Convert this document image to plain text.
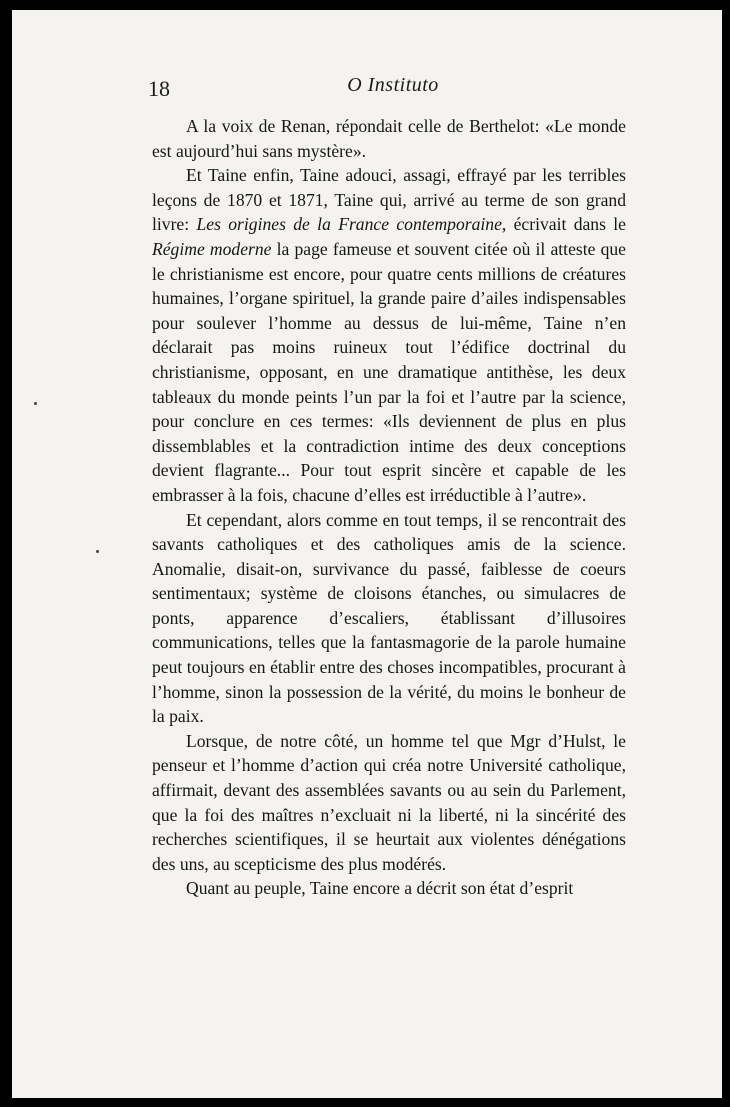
18	O Instituto

A la voix de Renan, répondait celle de Berthelot: «Le monde est aujourd’hui sans mystère».

Et Taine enfin, Taine adouci, assagi, effrayé par les terribles leçons de 1870 et 1871, Taine qui, arrivé au terme de son grand livre: Les origines de la France contemporaine, écrivait dans le Régime moderne la page fameuse et souvent citée où il atteste que le christianisme est encore, pour quatre cents millions de créatures humaines, l’organe spirituel, la grande paire d’ailes indispensables pour soulever l’homme au dessus de lui-même, Taine n’en déclarait pas moins ruineux tout l’édifice doctrinal du christianisme, opposant, en une dramatique antithèse, les deux tableaux du monde peints l’un par la foi et l’autre par la science, pour conclure en ces termes: «Ils deviennent de plus en plus dissemblables et la contradiction intime des deux conceptions devient flagrante... Pour tout esprit sincère et capable de les embrasser à la fois, chacune d’elles est irréductible à l’autre».

Et cependant, alors comme en tout temps, il se rencontrait des savants catholiques et des catholiques amis de la science. Anomalie, disait-on, survivance du passé, faiblesse de coeurs sentimentaux; système de cloisons étanches, ou simulacres de ponts, apparence d’escaliers, établissant d’illusoires communications, telles que la fantasmagorie de la parole humaine peut toujours en établir entre des choses incompatibles, procurant à l’homme, sinon la possession de la vérité, du moins le bonheur de la paix.

Lorsque, de notre côté, un homme tel que Mgr d’Hulst, le penseur et l’homme d’action qui créa notre Université catholique, affirmait, devant des assemblées savants ou au sein du Parlement, que la foi des maîtres n’excluait ni la liberté, ni la sincérité des recherches scientifiques, il se heurtait aux violentes dénégations des uns, au scepticisme des plus modérés.

Quant au peuple, Taine encore a décrit son état d’esprit
